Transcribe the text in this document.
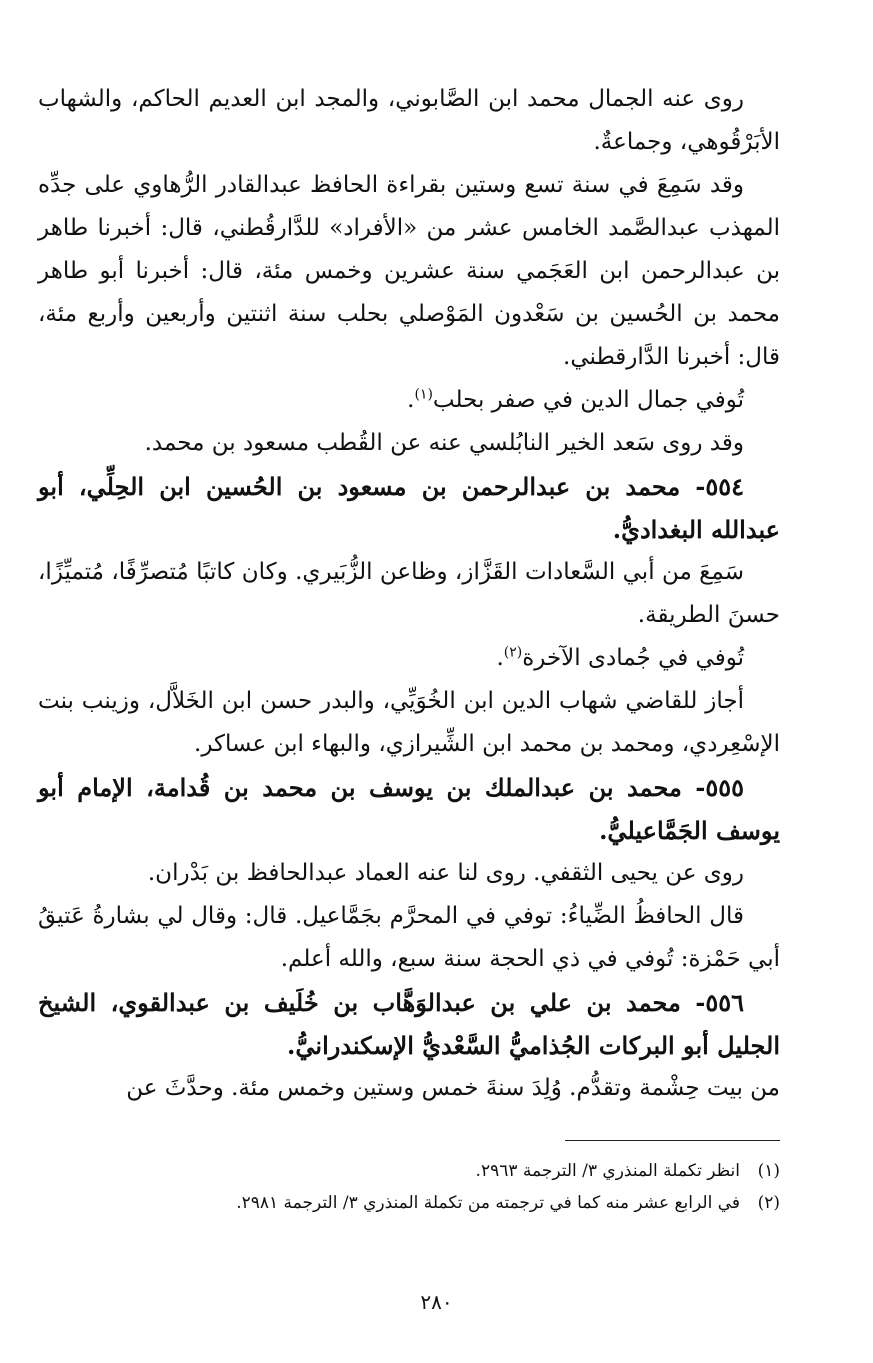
روى عنه الجمال محمد ابن الصَّابوني، والمجد ابن العديم الحاكم، والشهاب الأبَرْقُوهي، وجماعةٌ.

وقد سَمِعَ في سنة تسع وستين بقراءة الحافظ عبدالقادر الرُّهاوي على جدِّه المهذب عبدالصَّمد الخامس عشر من «الأفراد» للدَّارقُطني، قال: أخبرنا طاهر بن عبدالرحمن ابن العَجَمي سنة عشرين وخمس مئة، قال: أخبرنا أبو طاهر محمد بن الحُسين بن سَعْدون المَوْصلي بحلب سنة اثنتين وأربعين وأربع مئة، قال: أخبرنا الدَّارقطني.

تُوفي جمال الدين في صفر بحلب$^{(١)}$.

وقد روى سَعد الخير النابُلسي عنه عن القُطب مسعود بن محمد.

٥٥٤- محمد بن عبدالرحمن بن مسعود بن الحُسين ابن الحِلِّي، أبو عبدالله البغداديُّ.

سَمِعَ من أبي السَّعادات القَزَّاز، وظاعن الزُّبَيري. وكان كاتبًا مُتصرِّفًا، مُتميِّزًا، حسنَ الطريقة.

تُوفي في جُمادى الآخرة$^{(٢)}$.

أجاز للقاضي شهاب الدين ابن الخُوَيِّي، والبدر حسن ابن الخَلاَّل، وزينب بنت الإسْعِردي، ومحمد بن محمد ابن الشِّيرازي، والبهاء ابن عساكر.

٥٥٥- محمد بن عبدالملك بن يوسف بن محمد بن قُدامة، الإمام أبو يوسف الجَمَّاعيليُّ.

روى عن يحيى الثقفي. روى لنا عنه العماد عبدالحافظ بن بَدْران.

قال الحافظُ الضِّياءُ: توفي في المحرَّم بجَمَّاعيل. قال: وقال لي بشارةُ عَتيقُ أبي حَمْزة: تُوفي في ذي الحجة سنة سبع، والله أعلم.

٥٥٦- محمد بن علي بن عبدالوَهَّاب بن خُلَيف بن عبدالقوي، الشيخ الجليل أبو البركات الجُذاميُّ السَّعْديُّ الإسكندرانيُّ.

من بيت حِشْمة وتقدُّم. وُلِدَ سنةَ خمس وستين وخمس مئة. وحدَّثَ عن

(١)انظر تكملة المنذري ٣/ الترجمة ٢٩٦٣.
(٢)في الرابع عشر منه كما في ترجمته من تكملة المنذري ٣/ الترجمة ٢٩٨١.
٢٨٠
